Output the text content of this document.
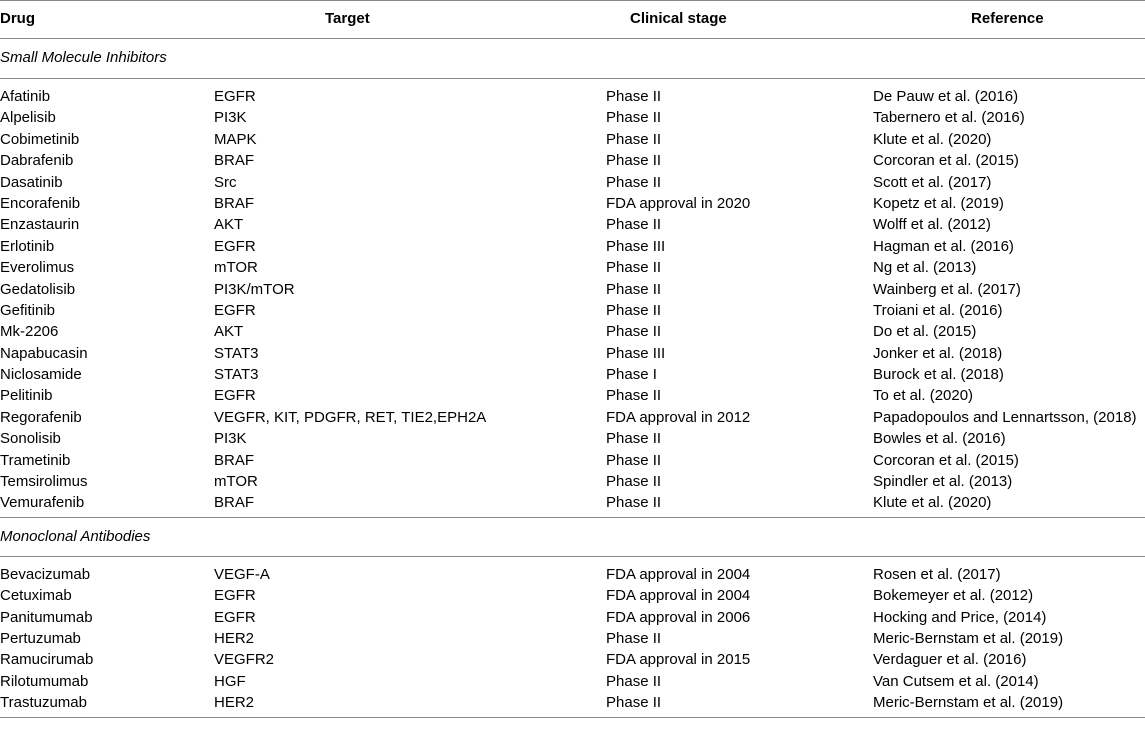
Drug	Target	Clinical stage	Reference
Small Molecule Inhibitors
Afatinib	EGFR	Phase II	De Pauw et al. (2016)
Alpelisib	PI3K	Phase II	Tabernero et al. (2016)
Cobimetinib	MAPK	Phase II	Klute et al. (2020)
Dabrafenib	BRAF	Phase II	Corcoran et al. (2015)
Dasatinib	Src	Phase II	Scott et al. (2017)
Encorafenib	BRAF	FDA approval in 2020	Kopetz et al. (2019)
Enzastaurin	AKT	Phase II	Wolff et al. (2012)
Erlotinib	EGFR	Phase III	Hagman et al. (2016)
Everolimus	mTOR	Phase II	Ng et al. (2013)
Gedatolisib	PI3K/mTOR	Phase II	Wainberg et al. (2017)
Gefitinib	EGFR	Phase II	Troiani et al. (2016)
Mk-2206	AKT	Phase II	Do et al. (2015)
Napabucasin	STAT3	Phase III	Jonker et al. (2018)
Niclosamide	STAT3	Phase I	Burock et al. (2018)
Pelitinib	EGFR	Phase II	To et al. (2020)
Regorafenib	VEGFR, KIT, PDGFR, RET, TIE2,EPH2A	FDA approval in 2012	Papadopoulos and Lennartsson, (2018)
Sonolisib	PI3K	Phase II	Bowles et al. (2016)
Trametinib	BRAF	Phase II	Corcoran et al. (2015)
Temsirolimus	mTOR	Phase II	Spindler et al. (2013)
Vemurafenib	BRAF	Phase II	Klute et al. (2020)
Monoclonal Antibodies
Bevacizumab	VEGF-A	FDA approval in 2004	Rosen et al. (2017)
Cetuximab	EGFR	FDA approval in 2004	Bokemeyer et al. (2012)
Panitumumab	EGFR	FDA approval in 2006	Hocking and Price, (2014)
Pertuzumab	HER2	Phase II	Meric-Bernstam et al. (2019)
Ramucirumab	VEGFR2	FDA approval in 2015	Verdaguer et al. (2016)
Rilotumumab	HGF	Phase II	Van Cutsem et al. (2014)
Trastuzumab	HER2	Phase II	Meric-Bernstam et al. (2019)
